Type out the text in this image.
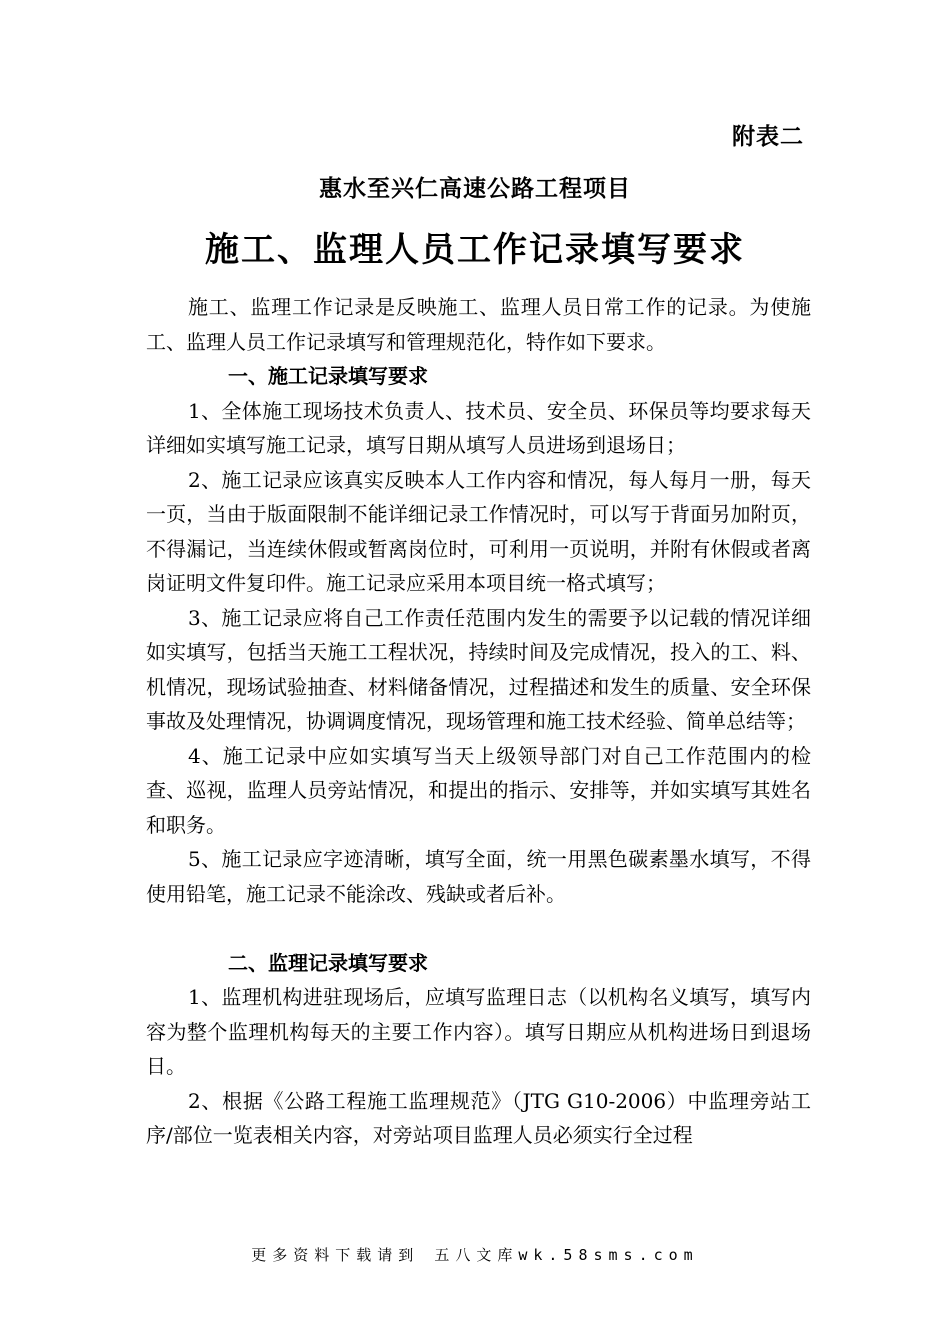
附表二
惠水至兴仁高速公路工程项目
施工、监理人员工作记录填写要求

施工、监理工作记录是反映施工、监理人员日常工作的记录。为使施工、监理人员工作记录填写和管理规范化，特作如下要求。

一、施工记录填写要求

1、全体施工现场技术负责人、技术员、安全员、环保员等均要求每天详细如实填写施工记录，填写日期从填写人员进场到退场日；

2、施工记录应该真实反映本人工作内容和情况，每人每月一册，每天一页，当由于版面限制不能详细记录工作情况时，可以写于背面另加附页，不得漏记，当连续休假或暂离岗位时，可利用一页说明，并附有休假或者离岗证明文件复印件。施工记录应采用本项目统一格式填写；

3、施工记录应将自己工作责任范围内发生的需要予以记载的情况详细如实填写，包括当天施工工程状况，持续时间及完成情况，投入的工、料、机情况，现场试验抽查、材料储备情况，过程描述和发生的质量、安全环保事故及处理情况，协调调度情况，现场管理和施工技术经验、简单总结等；

4、施工记录中应如实填写当天上级领导部门对自己工作范围内的检查、巡视，监理人员旁站情况，和提出的指示、安排等，并如实填写其姓名和职务。

5、施工记录应字迹清晰，填写全面，统一用黑色碳素墨水填写，不得使用铅笔，施工记录不能涂改、残缺或者后补。

二、监理记录填写要求

1、监理机构进驻现场后，应填写监理日志（以机构名义填写，填写内容为整个监理机构每天的主要工作内容）。填写日期应从机构进场日到退场日。

2、根据《公路工程施工监理规范》（JTG G10-2006）中监理旁站工序/部位一览表相关内容，对旁站项目监理人员必须实行全过程

更多资料下载请到 五八文库wk.58sms.com
